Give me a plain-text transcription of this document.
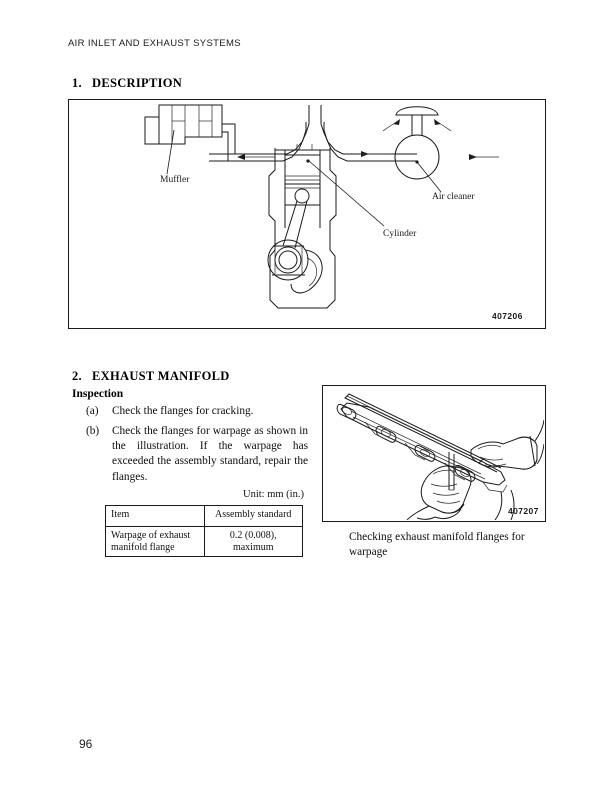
AIR INLET AND EXHAUST SYSTEMS
1. DESCRIPTION
Muffler
Air cleaner
Cylinder
407206
2. EXHAUST MANIFOLD
Inspection
(a) Check the flanges for cracking.
(b) Check the flanges for warpage as shown in the illustration. If the warpage has exceeded the assembly standard, repair the flanges.
Unit: mm (in.)
Item	Assembly standard
Warpage of exhaust manifold flange	0.2 (0.008), maximum
407207
Checking exhaust manifold flanges for warpage
96
